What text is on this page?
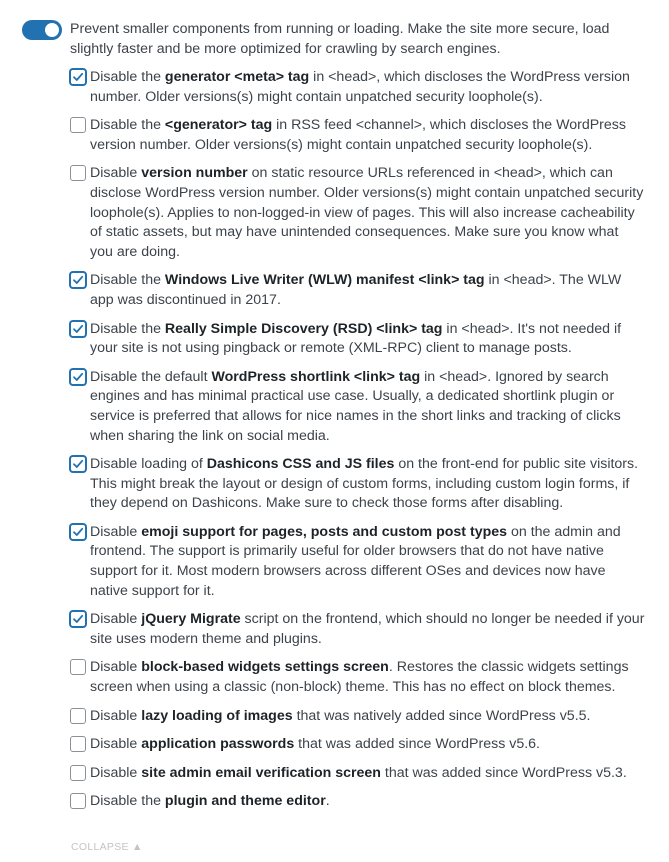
Prevent smaller components from running or loading. Make the site more secure, load slightly faster and be more optimized for crawling by search engines.
Disable the generator <meta> tag in <head>, which discloses the WordPress version number. Older versions(s) might contain unpatched security loophole(s).
Disable the <generator> tag in RSS feed <channel>, which discloses the WordPress version number. Older versions(s) might contain unpatched security loophole(s).
Disable version number on static resource URLs referenced in <head>, which can disclose WordPress version number. Older versions(s) might contain unpatched security loophole(s). Applies to non-logged-in view of pages. This will also increase cacheability of static assets, but may have unintended consequences. Make sure you know what you are doing.
Disable the Windows Live Writer (WLW) manifest <link> tag in <head>. The WLW app was discontinued in 2017.
Disable the Really Simple Discovery (RSD) <link> tag in <head>. It's not needed if your site is not using pingback or remote (XML-RPC) client to manage posts.
Disable the default WordPress shortlink <link> tag in <head>. Ignored by search engines and has minimal practical use case. Usually, a dedicated shortlink plugin or service is preferred that allows for nice names in the short links and tracking of clicks when sharing the link on social media.
Disable loading of Dashicons CSS and JS files on the front-end for public site visitors. This might break the layout or design of custom forms, including custom login forms, if they depend on Dashicons. Make sure to check those forms after disabling.
Disable emoji support for pages, posts and custom post types on the admin and frontend. The support is primarily useful for older browsers that do not have native support for it. Most modern browsers across different OSes and devices now have native support for it.
Disable jQuery Migrate script on the frontend, which should no longer be needed if your site uses modern theme and plugins.
Disable block-based widgets settings screen. Restores the classic widgets settings screen when using a classic (non-block) theme. This has no effect on block themes.
Disable lazy loading of images that was natively added since WordPress v5.5.
Disable application passwords that was added since WordPress v5.6.
Disable site admin email verification screen that was added since WordPress v5.3.
Disable the plugin and theme editor.
COLLAPSE ▲
